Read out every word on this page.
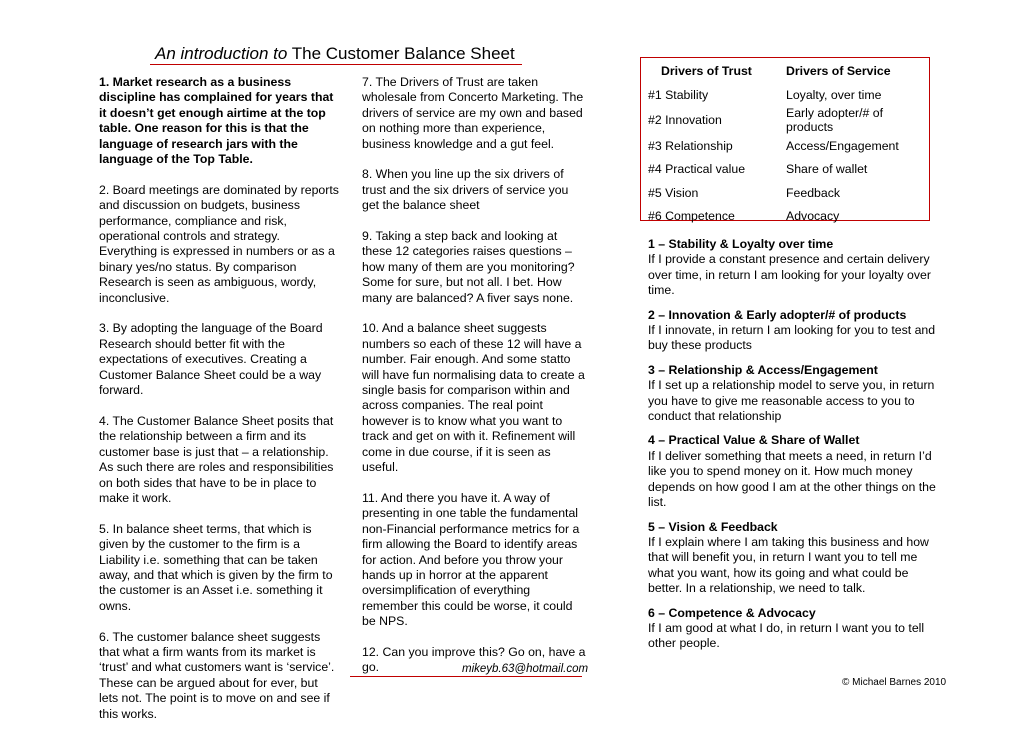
An introduction to The Customer Balance Sheet

1. Market research as a business discipline has complained for years that it doesn’t get enough airtime at the top table. One reason for this is that the language of research jars with the language of the Top Table.

2. Board meetings are dominated by reports and discussion on budgets, business performance, compliance and risk, operational controls and strategy. Everything is expressed in numbers or as a binary yes/no status. By comparison Research is seen as ambiguous, wordy, inconclusive.

3. By adopting the language of the Board Research should better fit with the expectations of executives. Creating a Customer Balance Sheet could be a way forward.

4. The Customer Balance Sheet posits that the relationship between a firm and its customer base is just that – a relationship. As such there are roles and responsibilities on both sides that have to be in place to make it work.

5. In balance sheet terms, that which is given by the customer to the firm is a Liability i.e. something that can be taken away, and that which is given by the firm to the customer is an Asset i.e. something it owns.

6. The customer balance sheet suggests that what a firm wants from its market is ‘trust’ and what customers want is ‘service’. These can be argued about for ever, but lets not. The point is to move on and see if this works.

7. The Drivers of Trust are taken wholesale from Concerto Marketing. The drivers of service are my own and based on nothing more than experience, business knowledge and a gut feel.

8. When you line up the six drivers of trust and the six drivers of service you get the balance sheet

9. Taking a step back and looking at these 12 categories raises questions – how many of them are you monitoring? Some for sure, but not all. I bet. How many are balanced? A fiver says none.

10. And a balance sheet suggests numbers so each of these 12 will have a number. Fair enough. And some statto will have fun normalising data to create a single basis for comparison within and across companies. The real point however is to know what you want to track and get on with it. Refinement will come in due course, if it is seen as useful.

11. And there you have it. A way of presenting in one table the fundamental non-Financial performance metrics for a firm allowing the Board to identify areas for action. And before you throw your hands up in horror at the apparent oversimplification of everything remember this could be worse, it could be NPS.

12. Can you improve this? Go on, have a go.	mikeyb.63@hotmail.com
Drivers of Trust	Drivers of Service
#1 Stability	Loyalty, over time
#2 Innovation	Early adopter/# of products
#3 Relationship	Access/Engagement
#4 Practical value	Share of wallet
#5 Vision	Feedback
#6 Competence	Advocacy
1 – Stability & Loyalty over time
If I provide a constant presence and certain delivery over time, in return I am looking for your loyalty over time.
2 – Innovation & Early adopter/# of products
If I innovate, in return I am looking for you to test and buy these products
3 – Relationship & Access/Engagement
If I set up a relationship model to serve you, in return you have to give me reasonable access to you to conduct that relationship
4 – Practical Value & Share of Wallet
If I deliver something that meets a need, in return I’d like you to spend money on it. How much money depends on how good I am at the other things on the list.
5 – Vision & Feedback
If I explain where I am taking this business and how that will benefit you, in return I want you to tell me what you want, how its going and what could be better. In a relationship, we need to talk.
6 – Competence & Advocacy
If I am good at what I do, in return I want you to tell other people.
© Michael Barnes 2010
